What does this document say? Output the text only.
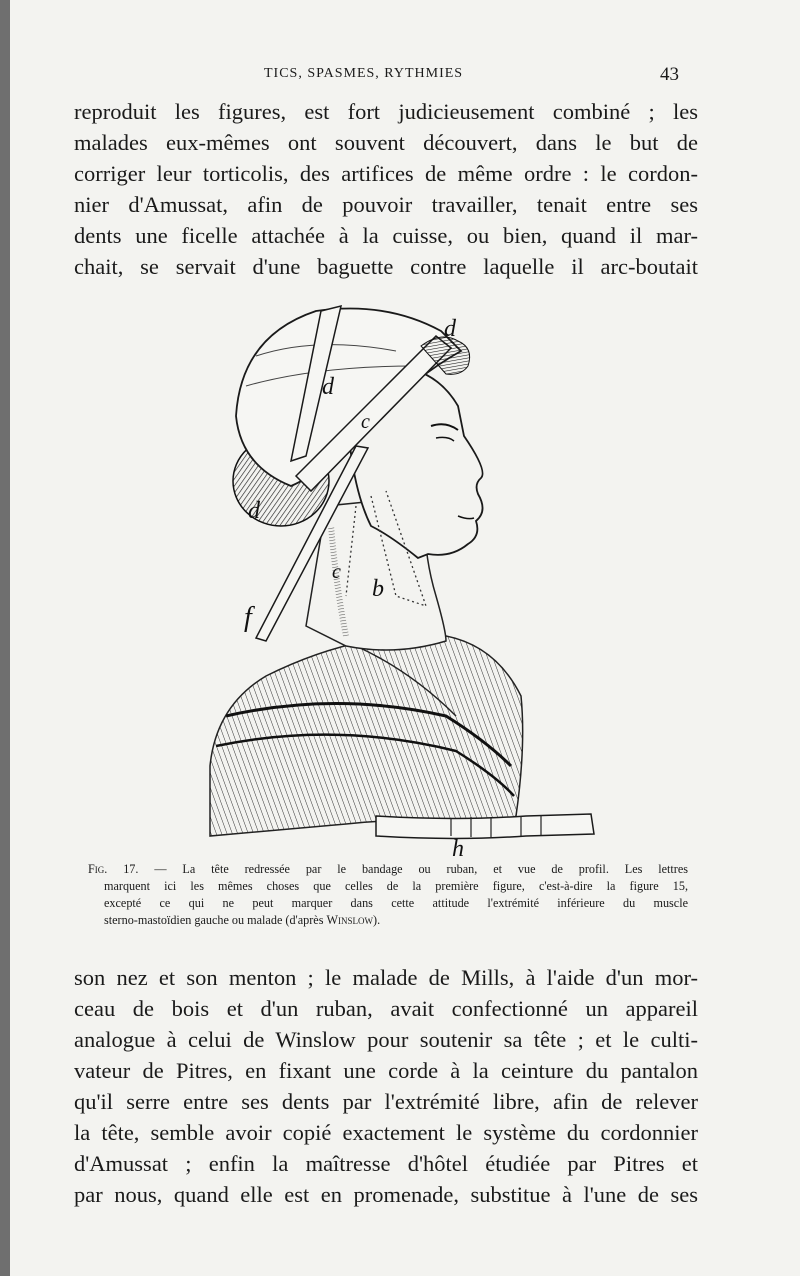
TICS, SPASMES, RYTHMIES	43
reproduit les figures, est fort judicieusement combiné ; les
malades eux-mêmes ont souvent découvert, dans le but de
corriger leur torticolis, des artifices de même ordre : le cordon-
nier d'Amussat, afin de pouvoir travailler, tenait entre ses
dents une ficelle attachée à la cuisse, ou bien, quand il mar-
chait, se servait d'une baguette contre laquelle il arc-boutait
d
d
c
d
c
b
f
h
Fig. 17. — La tête redressée par le bandage ou ruban, et vue de profil. Les lettres
marquent ici les mêmes choses que celles de la première figure, c'est-à-dire la figure 15,
excepté ce qui ne peut marquer dans cette attitude l'extrémité inférieure du muscle
sterno-mastoïdien gauche ou malade (d'après Winslow).
son nez et son menton ; le malade de Mills, à l'aide d'un mor-
ceau de bois et d'un ruban, avait confectionné un appareil
analogue à celui de Winslow pour soutenir sa tête ; et le culti-
vateur de Pitres, en fixant une corde à la ceinture du pantalon
qu'il serre entre ses dents par l'extrémité libre, afin de relever
la tête, semble avoir copié exactement le système du cordonnier
d'Amussat ; enfin la maîtresse d'hôtel étudiée par Pitres et
par nous, quand elle est en promenade, substitue à l'une de ses
